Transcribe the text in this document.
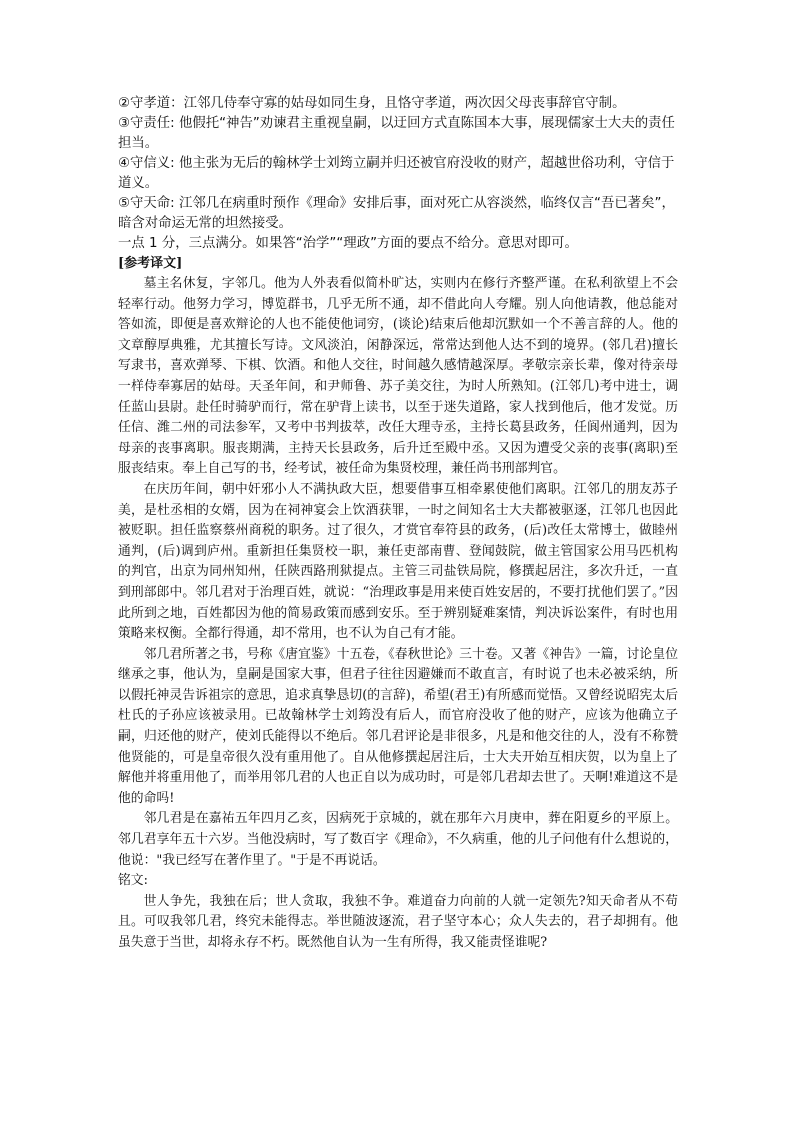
②守孝道：江邻几侍奉守寡的姑母如同生身，且恪守孝道，两次因父母丧事辞官守制。

③守责任: 他假托“神告”劝谏君主重视皇嗣，以迂回方式直陈国本大事，展现儒家士大夫的责任担当。

④守信义: 他主张为无后的翰林学士刘筠立嗣并归还被官府没收的财产，超越世俗功利，守信于道义。

⑤守天命: 江邻几在病重时预作《理命》安排后事，面对死亡从容淡然，临终仅言“吾已著矣”，暗含对命运无常的坦然接受。

一点 1 分，三点满分。如果答“治学”“理政”方面的要点不给分。意思对即可。

[参考译文]

墓主名休复，字邻几。他为人外表看似简朴旷达，实则内在修行齐整严谨。在私利欲望上不会轻率行动。他努力学习，博览群书，几乎无所不通，却不借此向人夸耀。别人向他请教，他总能对答如流，即便是喜欢辩论的人也不能使他词穷，(谈论)结束后他却沉默如一个不善言辞的人。他的文章醇厚典雅，尤其擅长写诗。文风淡泊，闲静深远，常常达到他人达不到的境界。(邻几君)擅长写隶书，喜欢弹琴、下棋、饮酒。和他人交往，时间越久感情越深厚。孝敬宗亲长辈，像对待亲母一样侍奉寡居的姑母。天圣年间，和尹师鲁、苏子美交往，为时人所熟知。(江邻几)考中进士，调任蓝山县尉。赴任时骑驴而行，常在驴背上读书，以至于迷失道路，家人找到他后，他才发觉。历任信、潍二州的司法参军，又考中书判拔萃，改任大理寺丞，主持长葛县政务，任阆州通判，因为母亲的丧事离职。服丧期满，主持天长县政务，后升迁至殿中丞。又因为遭受父亲的丧事(离职)至服丧结束。奉上自己写的书，经考试，被任命为集贤校理，兼任尚书刑部判官。

在庆历年间，朝中奸邪小人不满执政大臣，想要借事互相牵累使他们离职。江邻几的朋友苏子美，是杜丞相的女婿，因为在祠神宴会上饮酒获罪，一时之间知名士大夫都被驱逐，江邻几也因此被贬职。担任监察蔡州商税的职务。过了很久，才赏官奉符县的政务，(后)改任太常博士，做睦州通判，(后)调到庐州。重新担任集贤校一职，兼任吏部南曹、登闻鼓院，做主管国家公用马匹机构的判官，出京为同州知州，任陕西路刑狱提点。主管三司盐铁局院，修撰起居注，多次升迁，一直到刑部郎中。邻几君对于治理百姓，就说：“治理政事是用来使百姓安居的，不要打扰他们罢了。”因此所到之地，百姓都因为他的简易政策而感到安乐。至于辨别疑难案情，判决诉讼案件，有时也用策略来权衡。全都行得通，却不常用，也不认为自己有才能。

邻几君所著之书，号称《唐宜鉴》十五卷，《春秋世论》三十卷。又著《神告》一篇，讨论皇位继承之事，他认为，皇嗣是国家大事，但君子往往因避嫌而不敢直言，有时说了也未必被采纳，所以假托神灵告诉祖宗的意思，追求真挚恳切(的言辞)，希望(君王)有所感而觉悟。又曾经说昭宪太后杜氏的子孙应该被录用。已故翰林学士刘筠没有后人，而官府没收了他的财产，应该为他确立子嗣，归还他的财产，使刘氏能得以不绝后。邻几君评论是非很多，凡是和他交往的人，没有不称赞他贤能的，可是皇帝很久没有重用他了。自从他修撰起居注后，士大夫开始互相庆贺，以为皇上了解他并将重用他了，而举用邻几君的人也正自以为成功时，可是邻几君却去世了。天啊!难道这不是他的命吗!

邻几君是在嘉祐五年四月乙亥，因病死于京城的，就在那年六月庚申，葬在阳夏乡的平原上。邻几君享年五十六岁。当他没病时，写了数百字《理命》，不久病重，他的儿子问他有什么想说的，他说："我已经写在著作里了。"于是不再说话。

铭文:

世人争先，我独在后；世人贪取，我独不争。难道奋力向前的人就一定领先?知天命者从不苟且。可叹我邻几君，终究未能得志。举世随波逐流，君子坚守本心；众人失去的，君子却拥有。他虽失意于当世，却将永存不朽。既然他自认为一生有所得，我又能责怪谁呢?
